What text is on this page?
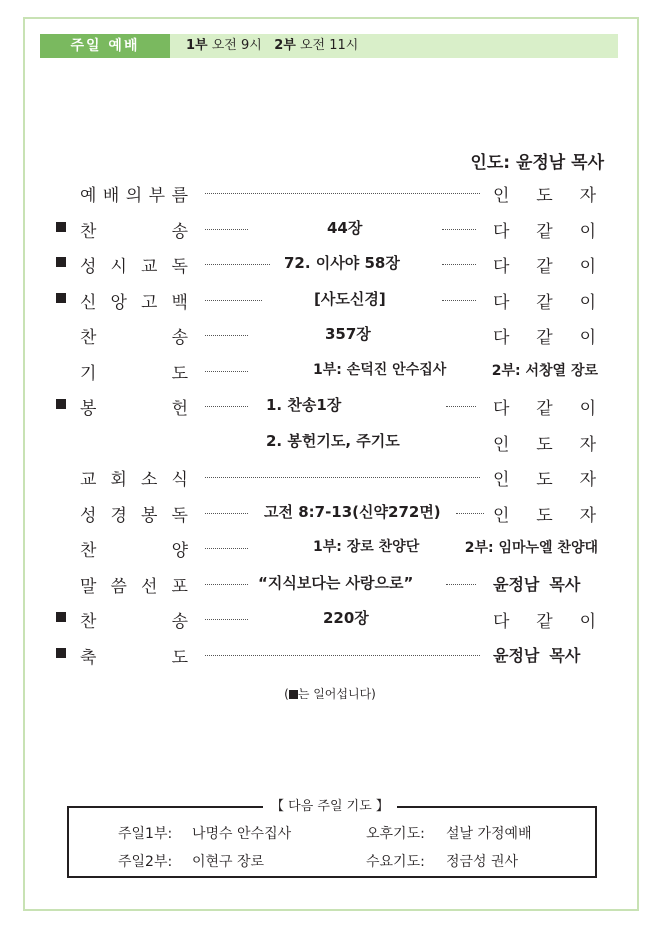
주일 예배	1부 오전 9시 2부 오전 11시
인도: 윤정남 목사
예 배 의 부 름	인 도 자
찬	송	44장	다 같 이
성 시 교 독	72. 이사야 58장	다 같 이
신 앙 고 백	[사도신경]	다 같 이
찬	송	357장	다 같 이
기	도	1부: 손덕진 안수집사	2부: 서창열 장로
봉	헌	1. 찬송1장	다 같 이
2. 봉헌기도, 주기도	인 도 자
교 회 소 식	인 도 자
성 경 봉 독	고전 8:7-13(신약272면)	인 도 자
찬	양	1부: 장로 찬양단	2부: 임마누엘 찬양대
말 씀 선 포	“지식보다는 사랑으로”	윤정남 목사
찬	송	220장	다 같 이
축	도	윤정남 목사
( 는 일어섭니다)
【 다음 주일 기도 】
주일1부: 나명수 안수집사	오후기도: 설날 가정예배
주일2부: 이현구 장로	수요기도: 정금성 권사
